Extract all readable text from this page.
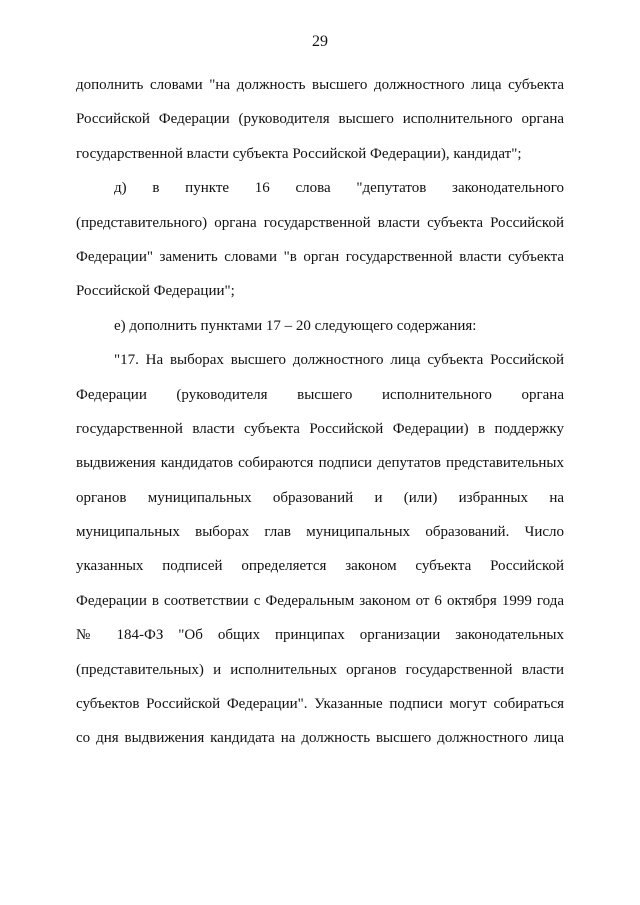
29
дополнить словами "на должность высшего должностного лица субъекта
Российской Федерации (руководителя высшего исполнительного органа
государственной власти субъекта Российской Федерации), кандидат";
д) в пункте 16 слова "депутатов законодательного
(представительного) органа государственной власти субъекта Российской
Федерации" заменить словами "в орган государственной власти субъекта
Российской Федерации";
е) дополнить пунктами 17 – 20 следующего содержания:
"17. На выборах высшего должностного лица субъекта Российской
Федерации (руководителя высшего исполнительного органа
государственной власти субъекта Российской Федерации) в поддержку
выдвижения кандидатов собираются подписи депутатов представительных
органов муниципальных образований и (или) избранных на
муниципальных выборах глав муниципальных образований. Число
указанных подписей определяется законом субъекта Российской
Федерации в соответствии с Федеральным законом от 6 октября 1999 года
№ 184-ФЗ "Об общих принципах организации законодательных
(представительных) и исполнительных органов государственной власти
субъектов Российской Федерации". Указанные подписи могут собираться
со дня выдвижения кандидата на должность высшего должностного лица
